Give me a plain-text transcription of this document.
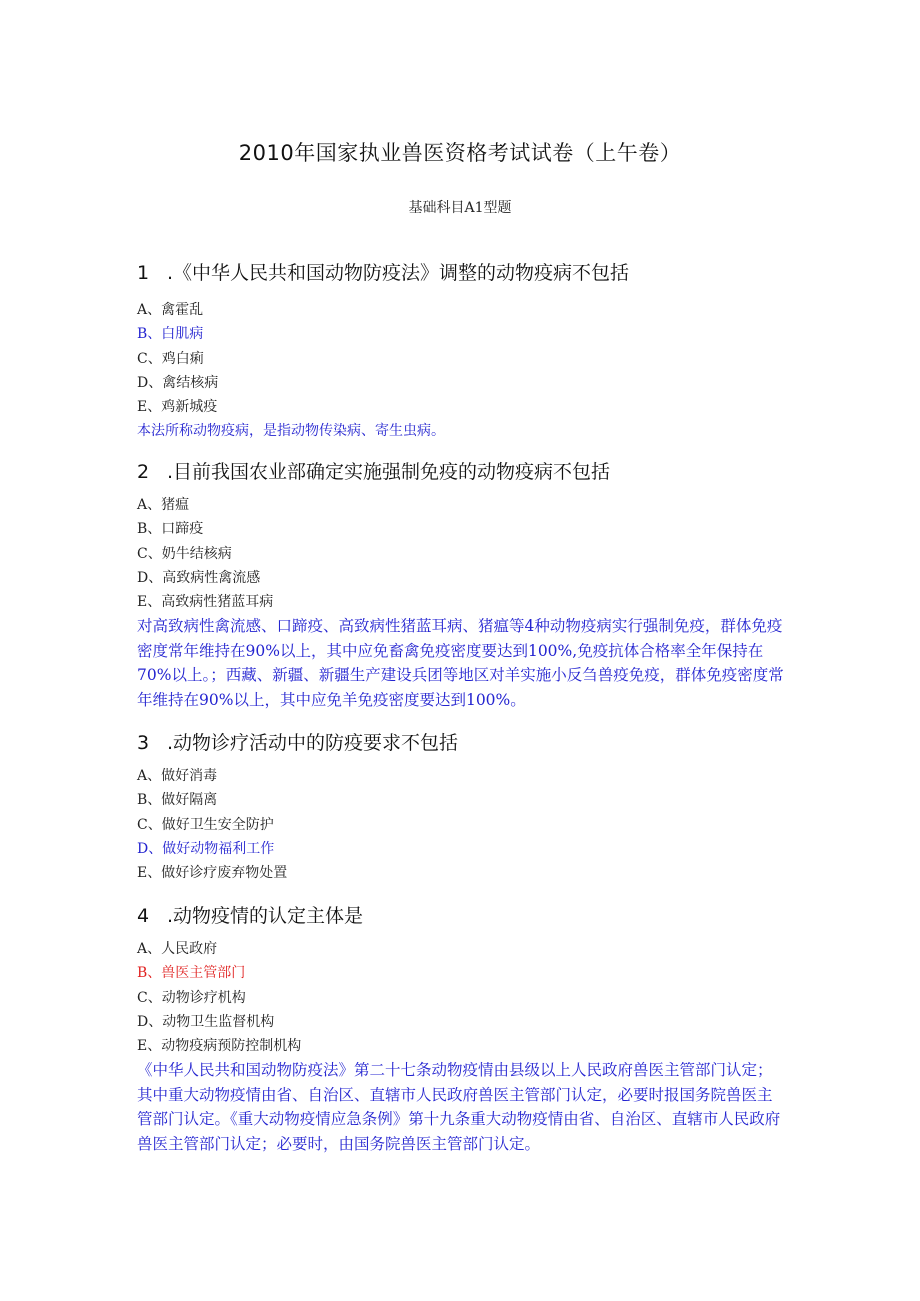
2010年国家执业兽医资格考试试卷（上午卷）
基础科目A1型题
1 .《中华人民共和国动物防疫法》调整的动物疫病不包括
A、禽霍乱
B、白肌病
C、鸡白痢
D、禽结核病
E、鸡新城疫
本法所称动物疫病，是指动物传染病、寄生虫病。
2 .目前我国农业部确定实施强制免疫的动物疫病不包括
A、猪瘟
B、口蹄疫
C、奶牛结核病
D、高致病性禽流感
E、高致病性猪蓝耳病
对高致病性禽流感、口蹄疫、高致病性猪蓝耳病、猪瘟等4种动物疫病实行强制免疫，群体免疫密度常年维持在90%以上，其中应免畜禽免疫密度要达到100%,免疫抗体合格率全年保持在70%以上。；西藏、新疆、新疆生产建设兵团等地区对羊实施小反刍兽疫免疫，群体免疫密度常年维持在90%以上，其中应免羊免疫密度要达到100%。
3 .动物诊疗活动中的防疫要求不包括
A、做好消毒
B、做好隔离
C、做好卫生安全防护
D、做好动物福利工作
E、做好诊疗废弃物处置
4 .动物疫情的认定主体是
A、人民政府
B、兽医主管部门
C、动物诊疗机构
D、动物卫生监督机构
E、动物疫病预防控制机构
《中华人民共和国动物防疫法》第二十七条动物疫情由县级以上人民政府兽医主管部门认定；其中重大动物疫情由省、自治区、直辖市人民政府兽医主管部门认定，必要时报国务院兽医主管部门认定。《重大动物疫情应急条例》第十九条重大动物疫情由省、自治区、直辖市人民政府兽医主管部门认定；必要时，由国务院兽医主管部门认定。
